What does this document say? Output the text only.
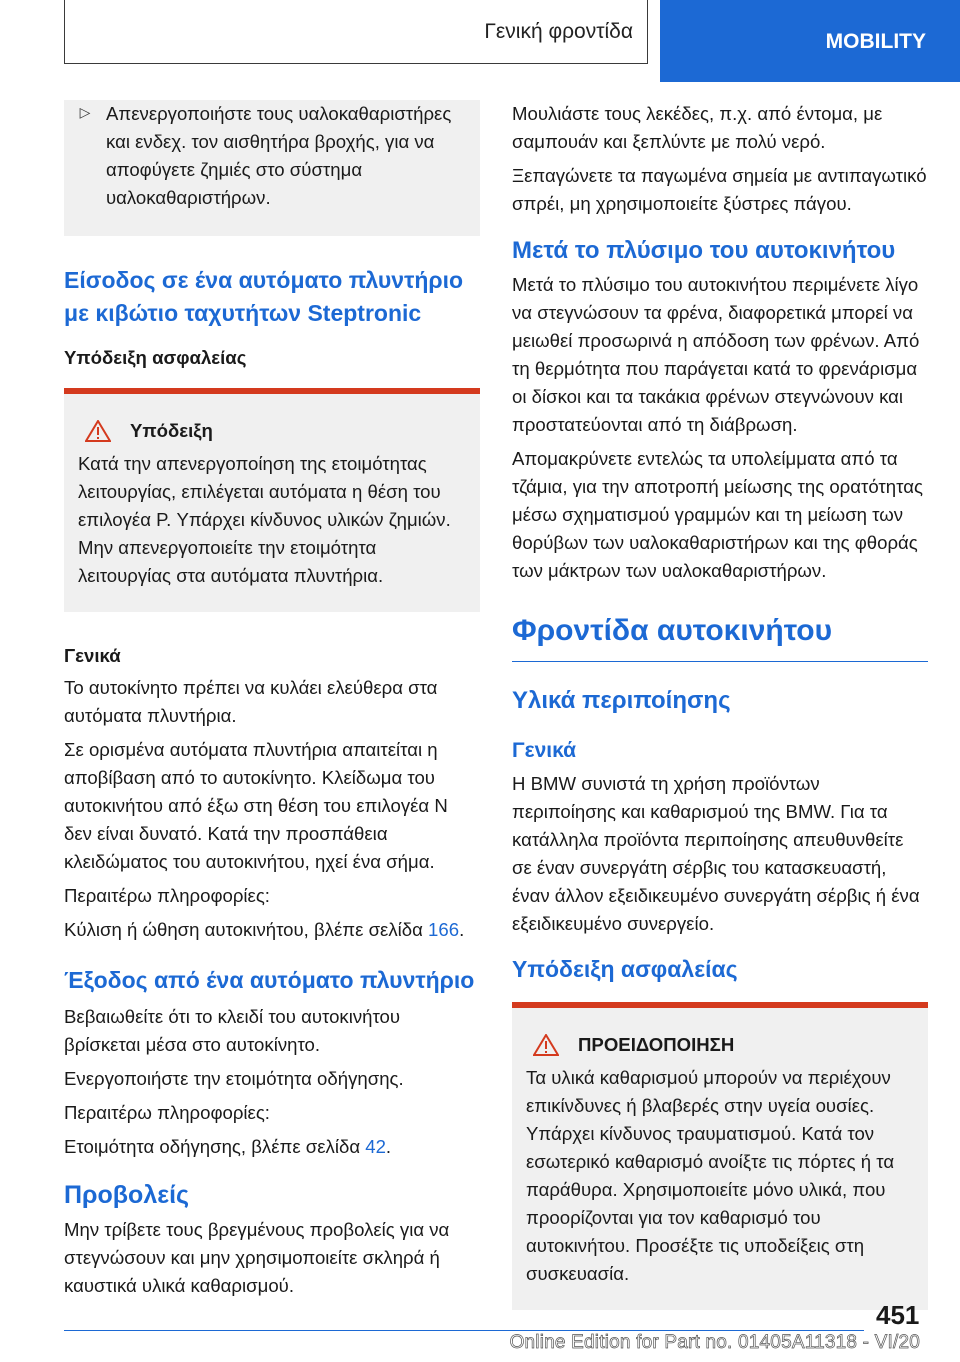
Γενική φροντίδα	MOBILITY
▷ Απενεργοποιήστε τους υαλοκαθαριστήρες και ενδεχ. τον αισθητήρα βροχής, για να αποφύγετε ζημιές στο σύστημα υαλοκαθαριστήρων.

Είσοδος σε ένα αυτόματο πλυντήριο με κιβώτιο ταχυτήτων Steptronic
Υπόδειξη ασφαλείας
Υπόδειξη

Κατά την απενεργοποίηση της ετοιμότητας λειτουργίας, επιλέγεται αυτόματα η θέση του επιλογέα P. Υπάρχει κίνδυνος υλικών ζημιών. Μην απενεργοποιείτε την ετοιμότητα λειτουργίας στα αυτόματα πλυντήρια.

Γενικά

Το αυτοκίνητο πρέπει να κυλάει ελεύθερα στα αυτόματα πλυντήρια.

Σε ορισμένα αυτόματα πλυντήρια απαιτείται η αποβίβαση από το αυτοκίνητο. Κλείδωμα του αυτοκινήτου από έξω στη θέση του επιλογέα N δεν είναι δυνατό. Κατά την προσπάθεια κλειδώματος του αυτοκινήτου, ηχεί ένα σήμα.

Περαιτέρω πληροφορίες:

Κύλιση ή ώθηση αυτοκινήτου, βλέπε σελίδα 166.

Έξοδος από ένα αυτόματο πλυντήριο

Βεβαιωθείτε ότι το κλειδί του αυτοκινήτου βρίσκεται μέσα στο αυτοκίνητο.

Ενεργοποιήστε την ετοιμότητα οδήγησης.

Περαιτέρω πληροφορίες:

Ετοιμότητα οδήγησης, βλέπε σελίδα 42.

Προβολείς

Μην τρίβετε τους βρεγμένους προβολείς για να στεγνώσουν και μην χρησιμοποιείτε σκληρά ή καυστικά υλικά καθαρισμού.

Μουλιάστε τους λεκέδες, π.χ. από έντομα, με σαμπουάν και ξεπλύντε με πολύ νερό.

Ξεπαγώνετε τα παγωμένα σημεία με αντιπαγωτικό σπρέι, μη χρησιμοποιείτε ξύστρες πάγου.

Μετά το πλύσιμο του αυτοκινήτου

Μετά το πλύσιμο του αυτοκινήτου περιμένετε λίγο να στεγνώσουν τα φρένα, διαφορετικά μπορεί να μειωθεί προσωρινά η απόδοση των φρένων. Από τη θερμότητα που παράγεται κατά το φρενάρισμα οι δίσκοι και τα τακάκια φρένων στεγνώνουν και προστατεύονται από τη διάβρωση.

Απομακρύνετε εντελώς τα υπολείμματα από τα τζάμια, για την αποτροπή μείωσης της ορατότητας μέσω σχηματισμού γραμμών και τη μείωση των θορύβων των υαλοκαθαριστήρων και της φθοράς των μάκτρων των υαλοκαθαριστήρων.

Φροντίδα αυτοκινήτου
Υλικά περιποίησης
Γενικά

Η BMW συνιστά τη χρήση προϊόντων περιποίησης και καθαρισμού της BMW. Για τα κατάλληλα προϊόντα περιποίησης απευθυνθείτε σε έναν συνεργάτη σέρβις του κατασκευαστή, έναν άλλον εξειδικευμένο συνεργάτη σέρβις ή ένα εξειδικευμένο συνεργείο.

Υπόδειξη ασφαλείας
ΠΡΟΕΙΔΟΠΟΙΗΣΗ

Τα υλικά καθαρισμού μπορούν να περιέχουν επικίνδυνες ή βλαβερές στην υγεία ουσίες. Υπάρχει κίνδυνος τραυματισμού. Κατά τον εσωτερικό καθαρισμό ανοίξτε τις πόρτες ή τα παράθυρα. Χρησιμοποιείτε μόνο υλικά, που προορίζονται για τον καθαρισμό του αυτοκινήτου. Προσέξτε τις υποδείξεις στη συσκευασία.

451
Online Edition for Part no. 01405A11318 - VI/20
